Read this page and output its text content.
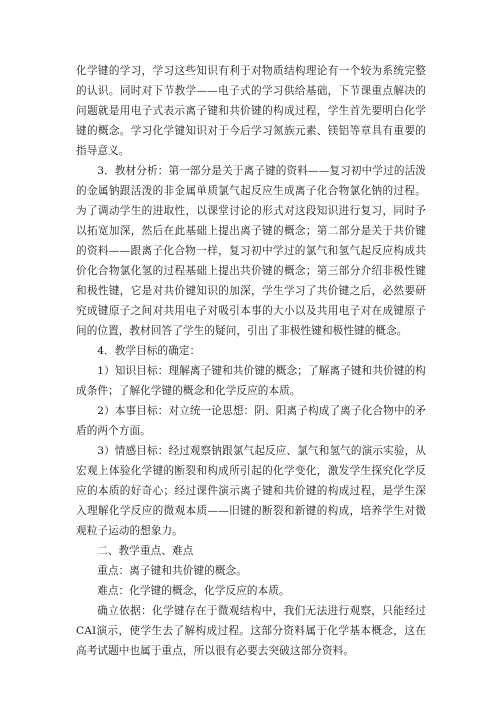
化学键的学习，学习这些知识有利于对物质结构理论有一个较为系统完整的认识。同时对下节教学——电子式的学习供给基础，下节课重点解决的问题就是用电子式表示离子键和共价键的构成过程，学生首先要明白化学键的概念。学习化学键知识对于今后学习氮族元素、镁铝等章具有重要的指导意义。

3．教材分析：第一部分是关于离子键的资料——复习初中学过的活泼的金属钠跟活泼的非金属单质氯气起反应生成离子化合物氯化钠的过程。为了调动学生的进取性，以课堂讨论的形式对这段知识进行复习，同时予以拓宽加深，然后在此基础上提出离子键的概念；第二部分是关于共价键的资料——跟离子化合物一样，复习初中学过的氯气和氢气起反应构成共价化合物氯化氢的过程基础上提出共价键的概念；第三部分介绍非极性键和极性键，它是对共价键知识的加深，学生学习了共价键之后，必然要研究成键原子之间对共用电子对吸引本事的大小以及共用电子对在成键原子间的位置，教材回答了学生的疑问，引出了非极性键和极性键的概念。

4．教学目标的确定：

1）知识目标：理解离子键和共价键的概念；了解离子键和共价键的构成条件；了解化学键的概念和化学反应的本质。

2）本事目标：对立统一论思想：阴、阳离子构成了离子化合物中的矛盾的两个方面。

3）情感目标：经过观察钠跟氯气起反应、氯气和氢气的演示实验，从宏观上体验化学键的断裂和构成所引起的化学变化，激发学生探究化学反应的本质的好奇心；经过课件演示离子键和共价键的构成过程，是学生深入理解化学反应的微观本质——旧键的断裂和新键的构成，培养学生对微观粒子运动的想象力。

二、教学重点、难点

重点：离子键和共价键的概念。

难点：化学键的概念，化学反应的本质。

确立依据：化学键存在于微观结构中，我们无法进行观察，只能经过CAI演示，使学生去了解构成过程。这部分资料属于化学基本概念，这在高考试题中也属于重点，所以很有必要去突破这部分资料。
